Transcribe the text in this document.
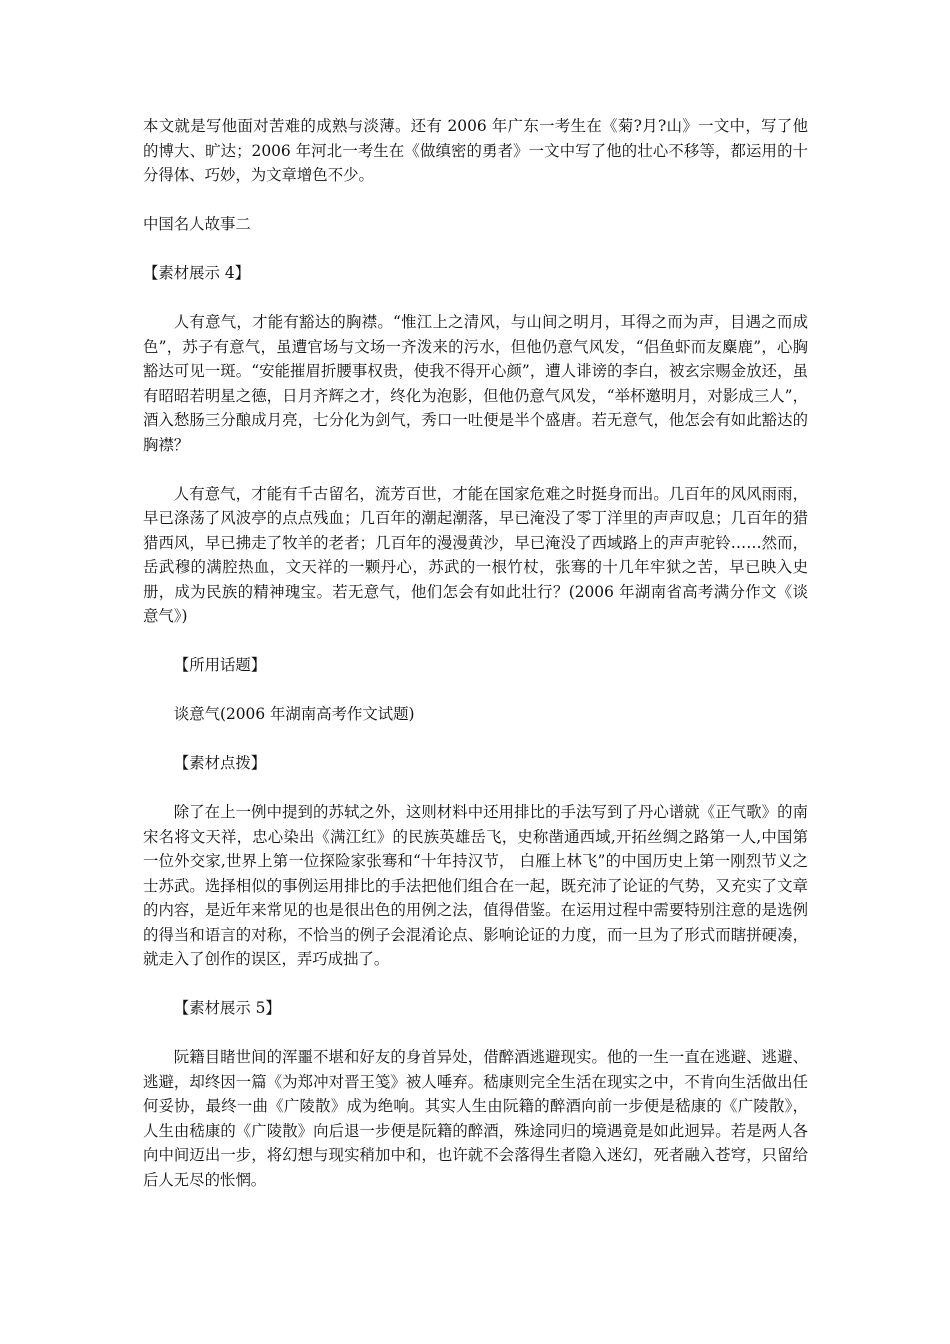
本文就是写他面对苦难的成熟与淡薄。还有 2006 年广东一考生在《菊?月?山》一文中，写了他的博大、旷达；2006 年河北一考生在《做缜密的勇者》一文中写了他的壮心不移等，都运用的十分得体、巧妙，为文章增色不少。

中国名人故事二

【素材展示 4】

人有意气，才能有豁达的胸襟。“惟江上之清风，与山间之明月，耳得之而为声，目遇之而成色”，苏子有意气，虽遭官场与文场一齐泼来的污水，但他仍意气风发，“侣鱼虾而友麋鹿”，心胸豁达可见一斑。“安能摧眉折腰事权贵，使我不得开心颜”，遭人诽谤的李白，被玄宗赐金放还，虽有昭昭若明星之德，日月齐辉之才，终化为泡影，但他仍意气风发，“举杯邀明月，对影成三人”，酒入愁肠三分酿成月亮，七分化为剑气，秀口一吐便是半个盛唐。若无意气，他怎会有如此豁达的胸襟？

人有意气，才能有千古留名，流芳百世，才能在国家危难之时挺身而出。几百年的风风雨雨，早已涤荡了风波亭的点点残血；几百年的潮起潮落，早已淹没了零丁洋里的声声叹息；几百年的猎猎西风，早已拂走了牧羊的老者；几百年的漫漫黄沙，早已淹没了西域路上的声声驼铃……然而，岳武穆的满腔热血，文天祥的一颗丹心，苏武的一根竹杖，张骞的十几年牢狱之苦，早已映入史册，成为民族的精神瑰宝。若无意气，他们怎会有如此壮行？(2006 年湖南省高考满分作文《谈意气》)

【所用话题】

谈意气(2006 年湖南高考作文试题)

【素材点拨】

除了在上一例中提到的苏轼之外，这则材料中还用排比的手法写到了丹心谱就《正气歌》的南宋名将文天祥，忠心染出《满江红》的民族英雄岳飞，史称凿通西域,开拓丝绸之路第一人,中国第一位外交家,世界上第一位探险家张骞和“十年持汉节， 白雁上林飞”的中国历史上第一刚烈节义之士苏武。选择相似的事例运用排比的手法把他们组合在一起，既充沛了论证的气势，又充实了文章的内容，是近年来常见的也是很出色的用例之法，值得借鉴。在运用过程中需要特别注意的是选例的得当和语言的对称，不恰当的例子会混淆论点、影响论证的力度，而一旦为了形式而瞎拼硬凑，就走入了创作的误区，弄巧成拙了。

【素材展示 5】

阮籍目睹世间的浑噩不堪和好友的身首异处，借醉酒逃避现实。他的一生一直在逃避、逃避、逃避，却终因一篇《为郑冲对晋王笺》被人唾弃。嵇康则完全生活在现实之中，不肯向生活做出任何妥协，最终一曲《广陵散》成为绝响。其实人生由阮籍的醉酒向前一步便是嵇康的《广陵散》，人生由嵇康的《广陵散》向后退一步便是阮籍的醉酒，殊途同归的境遇竟是如此迥异。若是两人各向中间迈出一步，将幻想与现实稍加中和，也许就不会落得生者隐入迷幻，死者融入苍穹，只留给后人无尽的怅惘。
